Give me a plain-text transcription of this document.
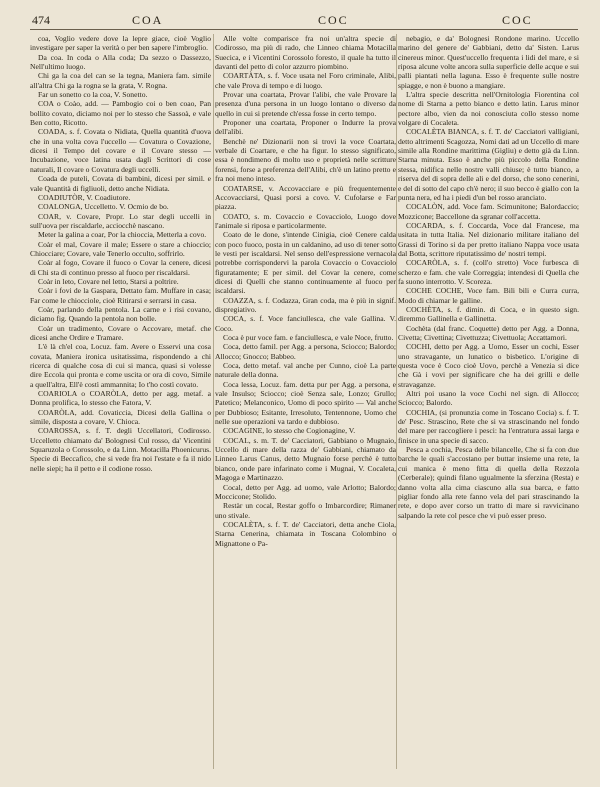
474	COA	COC	COC

coa, Voglio vedere dove la lepre giace, cioè Voglio investigare per saper la verità o per ben sapere l'imbroglio.

Da coa. In coda o Alla coda; Da sezzo o Dassezzo, Nell'ultimo luogo.

Chi ga la coa del can se la tegna, Maniera fam. simile all'altra Chi ga la rogna se la grata, V. Rogna.

Far un sonetto co la coa, V. Sonetto.

COA o Coào, add. — Pambogio coi o ben coao, Pan bollito covato, diciamo noi per lo stesso che Sassoà, e vale Ben cotto, Ricotto.

COADA, s. f. Covata o Nidiata, Quella quantità d'uova che in una volta cova l'uccello — Covatura o Covazione, dicesi il Tempo del covare e il Covare stesso — Incubazione, voce latina usata dagli Scrittori di cose naturali, Il covare o Covatura degli uccelli.

Coada de puteli, Covata di bambini, dicesi per simil. e vale Quantità di figliuoli, detto anche Nidiata.

COADIUTÒR, V. Coadiutore.

COALONGA, Uccelletto. V. Ocmio de bo.

COAR, v. Covare, Propr. Lo star degli uccelli in sull'uova per riscaldarle, acciocchè nascano.

Meter la galina a coar, Por la chioccia, Metterla a covo.

Coàr el mal, Covare il male; Essere o stare a chioccio; Chiocciare; Covare, vale Tenerlo occulto, soffrirlo.

Coàr al fogo, Covare il fuoco o Covar la cenere, dicesi di Chi sta di continuo presso al fuoco per riscaldarsi.

Coàr in leto, Covare nel letto, Starsi a poltrire.

Coàr i fovi de la Gaspara, Dettato fam. Muffare in casa; Far come le chiocciole, cioè Ritirarsi e serrarsi in casa.

Coàr, parlando della pentola. La carne e i risi covano, diciamo fig. Quando la pentola non bolle.

Coàr un tradimento, Covare o Accovare, metaf. che dicesi anche Ordire e Tramare.

L'è là ch'el coa, Locuz. fam. Avere o Esservi una cosa covata, Maniera ironica usitatissima, rispondendo a chi ricerca di qualche cosa di cui si manca, quasi si volesse dire Eccola qui pronta e come uscita or ora di covo, Simile a quell'altra, Ell'è costì ammannita; Io t'ho costì covato.

COARIOLA o COARÒLA, detto per agg. metaf. a Donna prolifica, lo stesso che Fatora, V.

COARÒLA, add. Covaticcia, Dicesi della Gallina o simile, disposta a covare, V. Chioca.

COAROSSA, s. f. T. degli Uccellatori, Codirosso. Uccelletto chiamato da' Bolognesi Cul rosso, da' Vicentini Squaruzola o Corossolo, e da Linn. Motacilla Phoenicurus. Specie di Beccafico, che si vede fra noi l'estate e fa il nido nelle siepi; ha il petto e il codione rosso.

Alle volte comparisce fra noi un'altra specie di Codirosso, ma più di rado, che Linneo chiama Motacilla Suecica, e i Vicentini Corossolo foresto, il quale ha tutto il davanti del petto di color azzurro piombino.

COARTÀTA, s. f. Voce usata nel Foro criminale, Alibi, che vale Prova di tempo e di luogo.

Provar una coartata, Provar l'alibi, che vale Provare la presenza d'una persona in un luogo lontano o diverso da quello in cui si pretende ch'essa fosse in certo tempo.

Proponer una coartata, Proponer o Indurre la prova dell'alibi.

Benchè ne' Dizionarii non si trovi la voce Coartata, verbale di Coartare, e che ha figur. lo stesso significato, essa è nondimeno di molto uso e proprietà nelle scritture forensi, forse a preferenza dell'Alibi, ch'è un latino pretto e fra noi meno inteso.

COATARSE, v. Accovacciare e più frequentemente Accovacciarsi, Quasi porsi a covo. V. Cufolarse e Far piazza.

COATO, s. m. Covaccio e Covacciolo, Luogo dove l'animale si riposa e particolarmente.

Coato de le done, s'intende Cinigia, cioè Cenere calda con poco fuoco, posta in un caldanino, ad uso di tener sotto le vesti per iscaldarsi. Nel senso dell'espressione vernacola potrebbe corrispondervi la parola Covaccio o Covacciolo figuratamente; E per simil. del Covar la cenere, come dicesi di Quelli che stanno continuamente al fuoco per iscaldarsi.

COAZZA, s. f. Codazza, Gran coda, ma è più in signif. dispregiativo.

COCA, s. f. Voce fanciullesca, che vale Gallina. V. Coco.

Coca è pur voce fam. e fanciullesca, e vale Noce, frutto.

Coca, detto famil. per Agg. a persona, Sciocco; Balordo; Allocco; Gnocco; Babbeo.

Coca, detto metaf. val anche per Cunno, cioè La parte naturale della donna.

Coca lessa, Locuz. fam. detta pur per Agg. a persona, e vale Insulso; Sciocco; cioè Senza sale, Lonzo; Grullo; Patetico; Melanconico, Uomo di poco spirito — Val anche per Dubbioso; Esitante, Irresoluto, Tentennone, Uomo che nelle sue operazioni va tardo e dubbioso.

COCAGINE, lo stesso che Cogionagine, V.

COCAL, s. m. T. de' Cacciatori, Gabbiano o Mugnaio, Uccello di mare della razza de' Gabbiani, chiamato da Linneo Larus Canus, detto Mugnaio forse perchè è tutto bianco, onde pare infarinato come i Mugnai, V. Cocaleta, Magoga e Martinazzo.

Cocal, detto per Agg. ad uomo, vale Arlotto; Balordo; Moccicone; Stolido.

Restàr un cocal, Restar goffo o Imbarcordire; Rimaner uno stivale.

COCALÈTA, s. f. T. de' Cacciatori, detta anche Ciola, Starna Cenerina, chiamata in Toscana Colombino o Mignattone o Pa-

nebagio, e da' Bolognesi Rondone marino. Uccello marino del genere de' Gabbiani, detto da' Sisten. Larus cinereus minor. Quest'uccello frequenta i lidi del mare, e si riposa alcune volte ancora sulla superficie delle acque e sui palli piantati nella laguna. Esso è frequente sulle nostre spiagge, e non è buono a mangiare.

L'altra specie descritta nell'Ornitologia Fiorentina col nome di Starna a petto bianco e detto latin. Larus minor pectore albo, vien da noi conosciuta collo stesso nome volgare di Cocaleta.

COCALÈTA BIANCA, s. f. T. de' Cacciatori valligiani, detto altrimenti Scagozza, Nomi dati ad un Uccello di mare simile alla Rondine marittima (Gigliu) e detto già da Linn. Starna minuta. Esso è anche più piccolo della Rondine stessa, nidifica nelle nostre valli chiuse; è tutto bianco, a riserva del di sopra delle ali e del dorso, che sono cenerini, e del di sotto del capo ch'è nero; il suo becco è giallo con la punta nera, ed ha i piedi d'un bel rosso aranciato.

COCALÒN, add. Voce fam. Scimunitone; Balordaccio; Mozzicone; Baccellone da sgranar coll'accetta.

COCARDA, s. f. Coccarda, Voce dal Francese, ma usitata in tutta Italia. Nel dizionario militare italiano del Grassi di Torino si da per pretto italiano Nappa voce usata dal Botta, scrittore riputatissimo de' nostri tempi.

COCARÒLA, s. f. (coll'o stretto) Voce furbesca di scherzo e fam. che vale Correggia; intendesi di Quella che fa suono interrotto. V. Scoreza.

COCHE COCHE, Voce fam. Bili bili e Curra curra, Modo di chiamar le galline.

COCHÈTA, s. f. dimin. di Coca, e in questo sign. diremmo Gallinella e Gallinetta.

Cochèta (dal franc. Coquette) detto per Agg. a Donna, Civetta; Civettina; Civettuzza; Civettuola; Accattamori.

COCHI, detto per Agg. a Uomo, Esser un cochi, Esser uno stravagante, un lunatico o bisbetico. L'origine di questa voce è Coco cioè Uovo, perchè a Venezia si dice che Gà i vovi per significare che ha dei grilli e delle stravaganze.

Altri poi usano la voce Cochi nel sign. di Allocco; Sciocco; Balordo.

COCHIA, (si pronunzia come in Toscano Cocia) s. f. T. de' Pesc. Strascino, Rete che si va strascinando nel fondo del mare per raccogliere i pesci: ha l'entratura assai larga e finisce in una specie di sacco.

Pesca a cochia, Pesca delle bilancelle, Che si fa con due barche le quali s'accostano per buttar insieme una rete, la cui manica è meno fitta di quella della Rezzola (Cerberale); quindi filano ugualmente la sferzina (Resta) e danno volta alla cima ciascuno alla sua barca, e fatto pigliar fondo alla rete fanno vela del pari strascinando la rete, e dopo aver corso un tratto di mare si ravvicinano salpando la rete col pesce che vi può esser preso.
